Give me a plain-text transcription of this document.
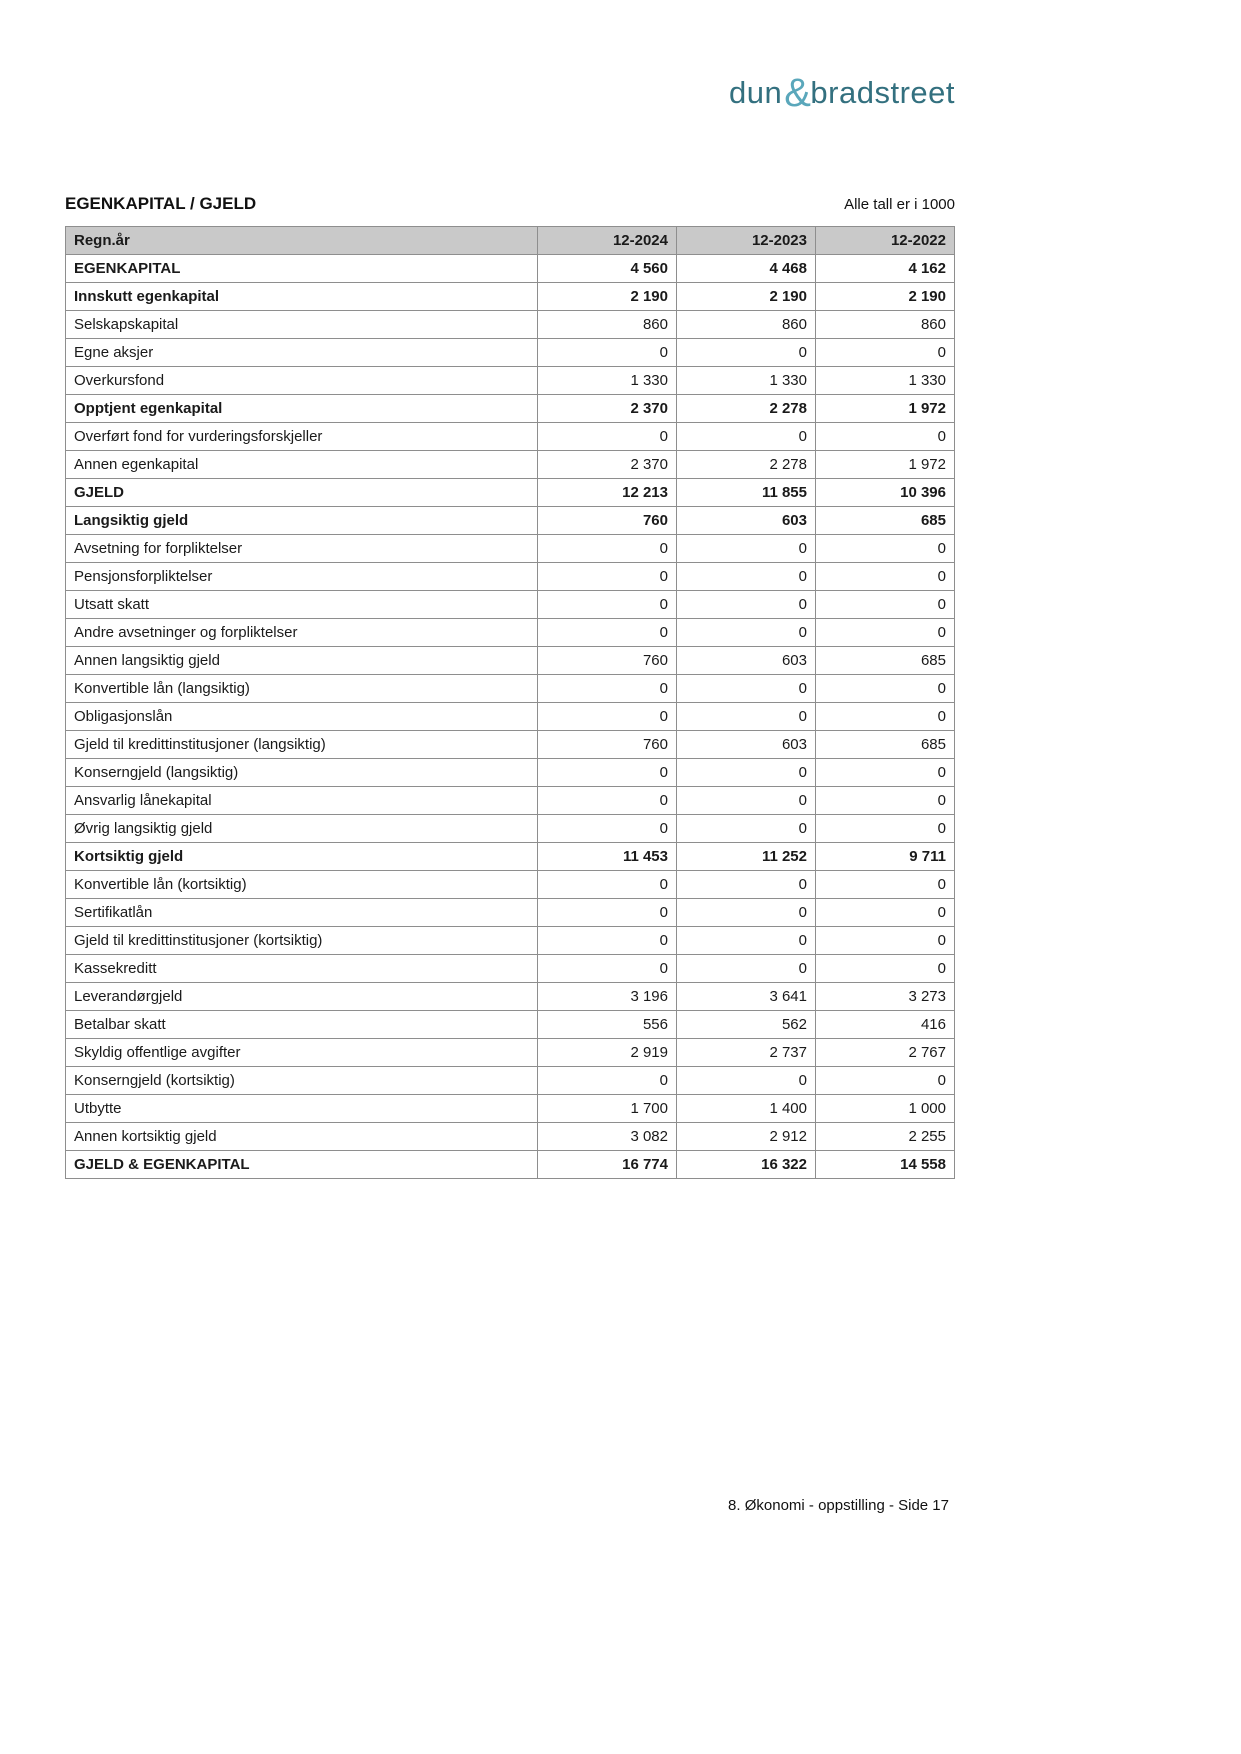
dun&bradstreet
EGENKAPITAL / GJELD	Alle tall er i 1000
Regn.år	12-2024	12-2023	12-2022
EGENKAPITAL	4 560	4 468	4 162
Innskutt egenkapital	2 190	2 190	2 190
Selskapskapital	860	860	860
Egne aksjer	0	0	0
Overkursfond	1 330	1 330	1 330
Opptjent egenkapital	2 370	2 278	1 972
Overført fond for vurderingsforskjeller	0	0	0
Annen egenkapital	2 370	2 278	1 972
GJELD	12 213	11 855	10 396
Langsiktig gjeld	760	603	685
Avsetning for forpliktelser	0	0	0
Pensjonsforpliktelser	0	0	0
Utsatt skatt	0	0	0
Andre avsetninger og forpliktelser	0	0	0
Annen langsiktig gjeld	760	603	685
Konvertible lån (langsiktig)	0	0	0
Obligasjonslån	0	0	0
Gjeld til kredittinstitusjoner (langsiktig)	760	603	685
Konserngjeld (langsiktig)	0	0	0
Ansvarlig lånekapital	0	0	0
Øvrig langsiktig gjeld	0	0	0
Kortsiktig gjeld	11 453	11 252	9 711
Konvertible lån (kortsiktig)	0	0	0
Sertifikatlån	0	0	0
Gjeld til kredittinstitusjoner (kortsiktig)	0	0	0
Kassekreditt	0	0	0
Leverandørgjeld	3 196	3 641	3 273
Betalbar skatt	556	562	416
Skyldig offentlige avgifter	2 919	2 737	2 767
Konserngjeld (kortsiktig)	0	0	0
Utbytte	1 700	1 400	1 000
Annen kortsiktig gjeld	3 082	2 912	2 255
GJELD & EGENKAPITAL	16 774	16 322	14 558
8. Økonomi - oppstilling - Side 17
